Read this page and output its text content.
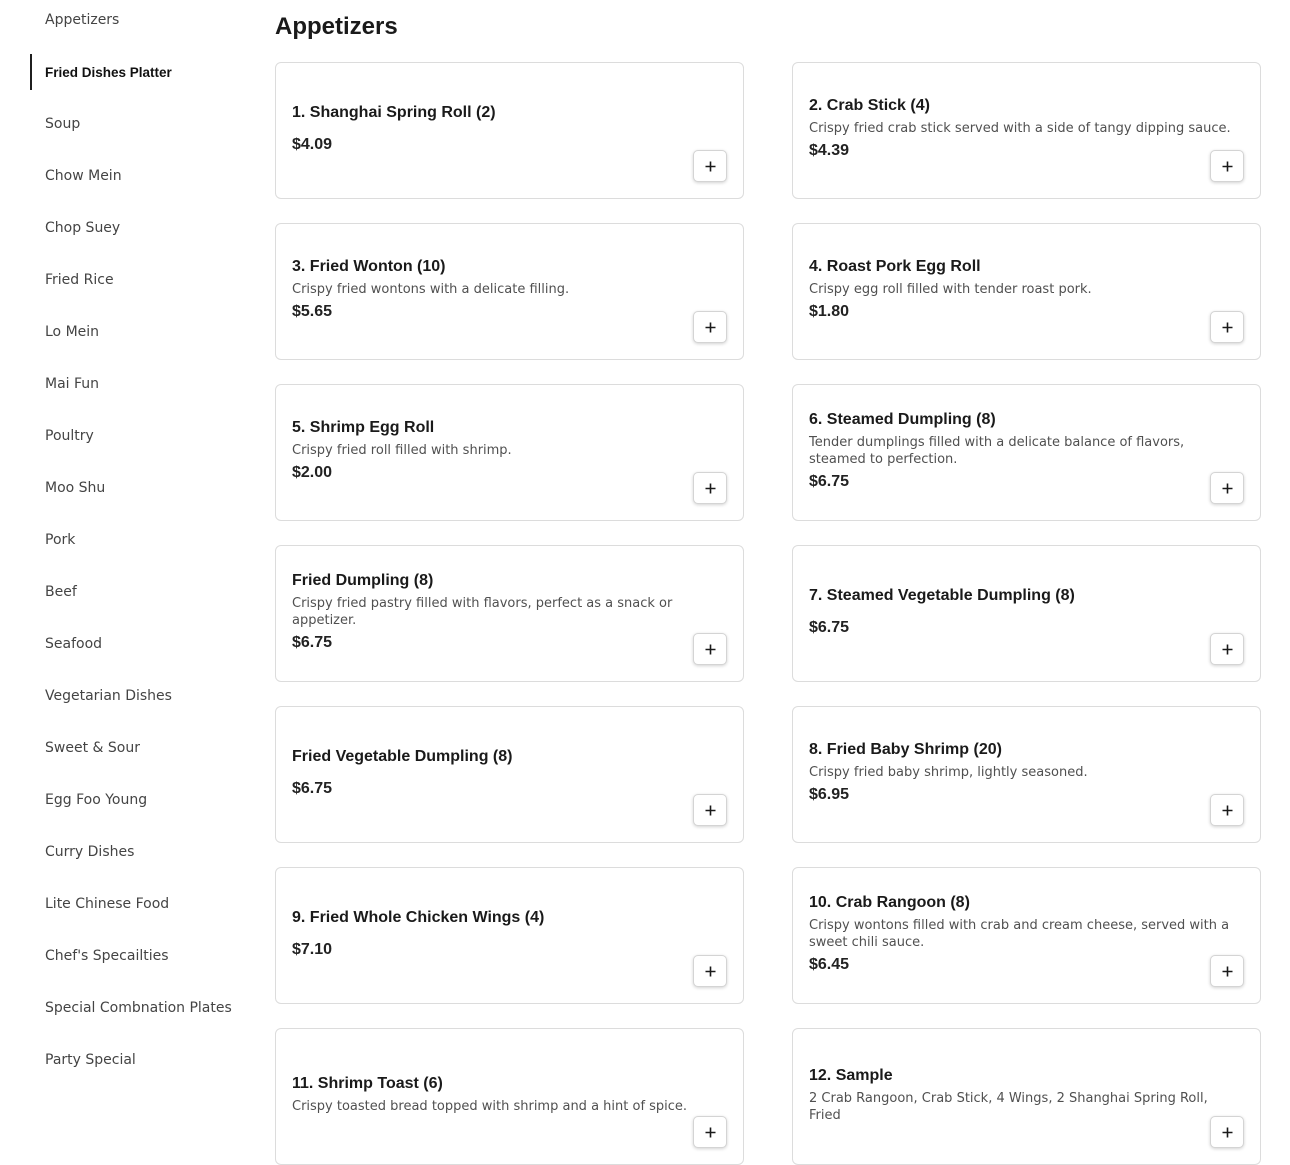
Appetizers
Fried Dishes Platter
Soup
Chow Mein
Chop Suey
Fried Rice
Lo Mein
Mai Fun
Poultry
Moo Shu
Pork
Beef
Seafood
Vegetarian Dishes
Sweet & Sour
Egg Foo Young
Curry Dishes
Lite Chinese Food
Chef's Specailties
Special Combnation Plates
Party Special
Appetizers
1. Shanghai Spring Roll (2)
$4.09
2. Crab Stick (4)
Crispy fried crab stick served with a side of tangy dipping sauce.
$4.39
3. Fried Wonton (10)
Crispy fried wontons with a delicate filling.
$5.65
4. Roast Pork Egg Roll
Crispy egg roll filled with tender roast pork.
$1.80
5. Shrimp Egg Roll
Crispy fried roll filled with shrimp.
$2.00
6. Steamed Dumpling (8)
Tender dumplings filled with a delicate balance of flavors, steamed to perfection.
$6.75
Fried Dumpling (8)
Crispy fried pastry filled with flavors, perfect as a snack or appetizer.
$6.75
7. Steamed Vegetable Dumpling (8)
$6.75
Fried Vegetable Dumpling (8)
$6.75
8. Fried Baby Shrimp (20)
Crispy fried baby shrimp, lightly seasoned.
$6.95
9. Fried Whole Chicken Wings (4)
$7.10
10. Crab Rangoon (8)
Crispy wontons filled with crab and cream cheese, served with a sweet chili sauce.
$6.45
11. Shrimp Toast (6)
Crispy toasted bread topped with shrimp and a hint of spice.
12. Sample
2 Crab Rangoon, Crab Stick, 4 Wings, 2 Shanghai Spring Roll, Fried
